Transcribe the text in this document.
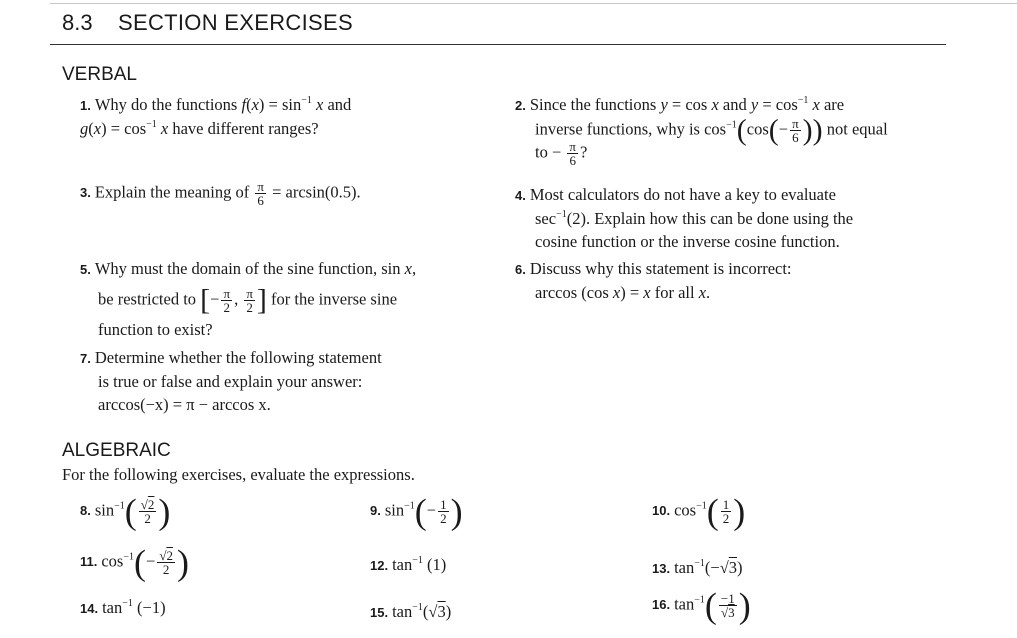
8.3 SECTION EXERCISES
VERBAL
1. Why do the functions $f(x) = \sin^{-1} x$ and
$g(x) = \cos^{-1} x$ have different ranges?
2. Since the functions y = cos x and $y = \cos^{-1} x$ are
inverse functions, why is $\cos^{-1}(\cos(- \frac{\pi}{6}$ )) not equal
to − $\frac{\pi}{6}$ ?
3. Explain the meaning of $\frac{\pi}{6} = \arcsin(0.5)$.	4. Most calculators do not have a key to evaluate
$\sec^{-1}(2)$. Explain how this can be done using the
cosine function or the inverse cosine function.
5. Why must the domain of the sine function, sin x,
be restricted to [− $\frac{\pi}{2}$ , $\frac{\pi}{2}$ ] for the inverse sine
function to exist?
6. Discuss why this statement is incorrect:
arccos (cos x) = x for all x.
7. Determine whether the following statement
is true or false and explain your answer:
arccos(−x) = π − arccos x.
ALGEBRAIC
For the following exercises, evaluate the expressions.
8. $\sin^{-1}( \frac{√2}{2}$ )	9. $\sin^{-1}(- \frac{1}{2}$ )	10. $\cos^{-1}( \frac{1}{2}$ )
11. $\cos^{-1}(- \frac{√2}{2}$ )	12. $\tan^{-1} (1)$	13. $\tan^{-1}(-√3)$
14. $\tan^{-1} (-1)$	15. $\tan^{-1}(√3)$	16. $\tan^{-1}( \frac{-1}{√3}$ )
